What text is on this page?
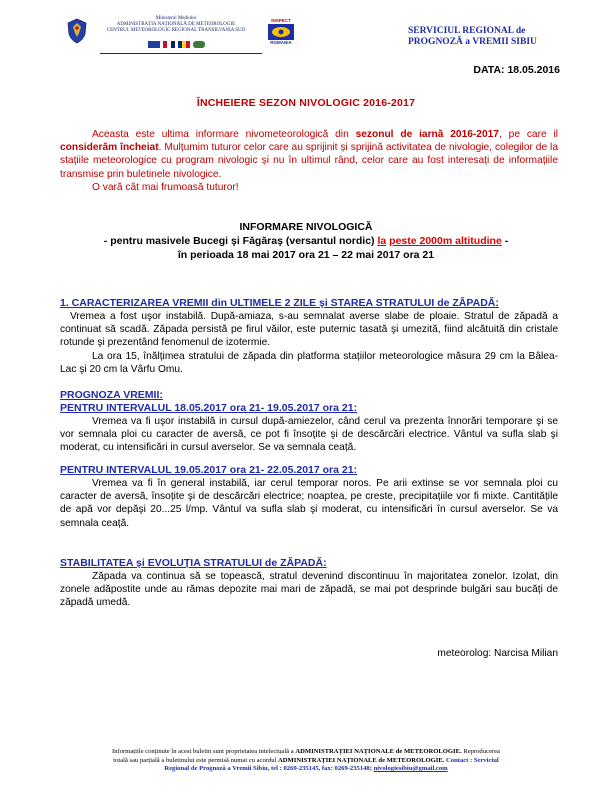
Ministerul Mediului
ADMINISTRAȚIA NAȚIONALĂ DE METEOROLOGIE
CENTRUL METEOROLOGIC REGIONAL TRANSILVANIA SUD
INSPECT
ROMANIA
SERVICIUL REGIONAL de
PROGNOZĂ a VREMII SIBIU
DATA: 18.05.2016
ÎNCHEIERE SEZON NIVOLOGIC 2016-2017

Aceasta este ultima informare nivometeorologică din sezonul de iarnă 2016-2017, pe care il considerăm încheiat. Mulțumim tuturor celor care au sprijinit și sprijină activitatea de nivologie, colegilor de la stațiile meteorologice cu program nivologic și nu în ultimul rând, celor care au fost interesați de informațiile transmise prin buletinele nivologice.

O vară cât mai frumoasă tuturor!

INFORMARE NIVOLOGICĂ
- pentru masivele Bucegi şi Făgăraş (versantul nordic) la peste 2000m altitudine -
în perioada 18 mai 2017 ora 21 – 22 mai 2017 ora 21
1. CARACTERIZAREA VREMII din ULTIMELE 2 ZILE şi STAREA STRATULUI de ZĂPADĂ:

Vremea a fost uşor instabilă. După-amiaza, s-au semnalat averse slabe de ploaie. Stratul de zăpadă a continuat să scadă. Zăpada persistă pe firul văilor, este puternic tasată şi umezită, fiind alcătuită din cristale rotunde şi prezentând fenomenul de izotermie.

La ora 15, înălțimea stratului de zăpada din platforma stațiilor meteorologice măsura 29 cm la Bâlea-Lac şi 20 cm la Vârfu Omu.

PROGNOZA VREMII:
PENTRU INTERVALUL 18.05.2017 ora 21- 19.05.2017 ora 21:

Vremea va fi uşor instabilă in cursul după-amiezelor, când cerul va prezenta înnorări temporare şi se vor semnala ploi cu caracter de aversă, ce pot fi însoțite şi de descărcări electrice. Vântul va sufla slab şi moderat, cu intensificări in cursul averselor. Se va semnala ceață.

PENTRU INTERVALUL 19.05.2017 ora 21- 22.05.2017 ora 21:

Vremea va fi în general instabilă, iar cerul temporar noros. Pe arii extinse se vor semnala ploi cu caracter de aversă, însoțite şi de descărcări electrice; noaptea, pe creste, precipitațiile vor fi mixte. Cantitățile de apă vor depăşi 20...25 l/mp. Vântul va sufla slab şi moderat, cu intensificări în cursul averselor. Se va semnala ceață.

STABILITATEA şi EVOLUȚIA STRATULUI de ZĂPADĂ:

Zăpada va continua să se topească, stratul devenind discontinuu în majoritatea zonelor. Izolat, din zonele adăpostite unde au rămas depozite mai mari de zăpadă, se mai pot desprinde bulgări sau bucăți de zăpadă umedă.

meteorolog: Narcisa Milian
Informațiile conținute în acest buletin sunt proprietatea intelectuală a ADMINISTRAȚIEI NAȚIONALE de METEOROLOGIE. Reproducerea
totală sau parțială a buletinului este permisă numai cu acordul ADMINISTRAȚIEI NAȚIONALE de METEOROLOGIE. Contact : Serviciul
Regional de Prognoză a Vremii Sibiu, tel : 0269-235145, fax: 0269-235148; nivologiesibiu@gmail.com
